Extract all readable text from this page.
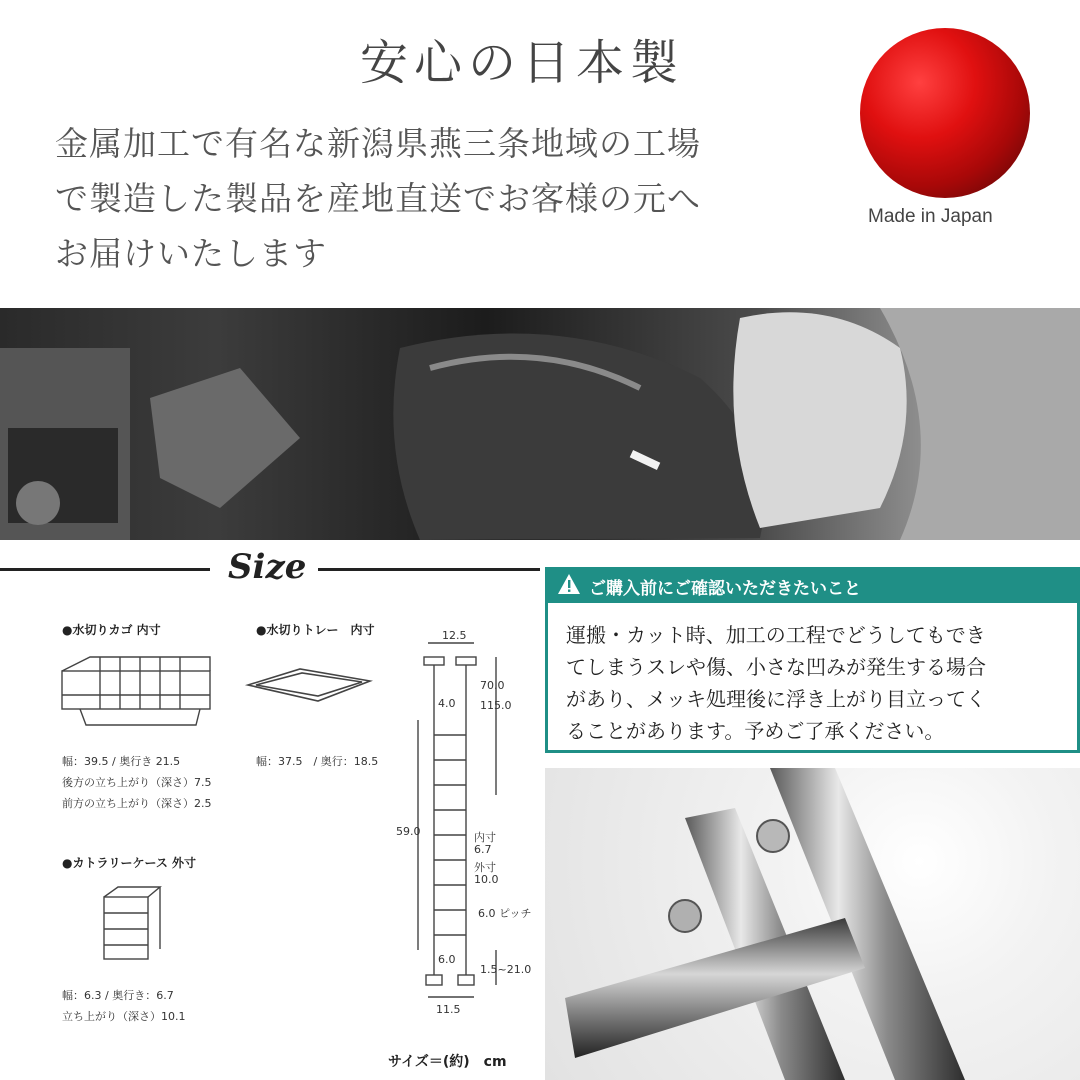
安心の日本製
金属加工で有名な新潟県燕三条地域の工場
で製造した製品を産地直送でお客様の元へ
お届けいたします
Made in Japan
Size
●水切りカゴ 内寸
幅：39.5 / 奥行き 21.5
後方の立ち上がり（深さ）7.5
前方の立ち上がり（深さ）2.5
●水切りトレー　内寸
幅：37.5　/ 奥行：18.5
●カトラリーケース 外寸
幅：6.3 / 奥行き：6.7
立ち上がり（深さ）10.1
12.5
70.0
115.0
4.0
59.0	内寸
6.7
外寸
10.0
6.0 ピッチ
6.0
1.5~21.0
11.5
サイズ＝(約)　cm
ご購入前にご確認いただきたいこと
運搬・カット時、加工の工程でどうしてもでき
てしまうスレや傷、小さな凹みが発生する場合
があり、メッキ処理後に浮き上がり目立ってく
ることがあります。予めご了承ください。
